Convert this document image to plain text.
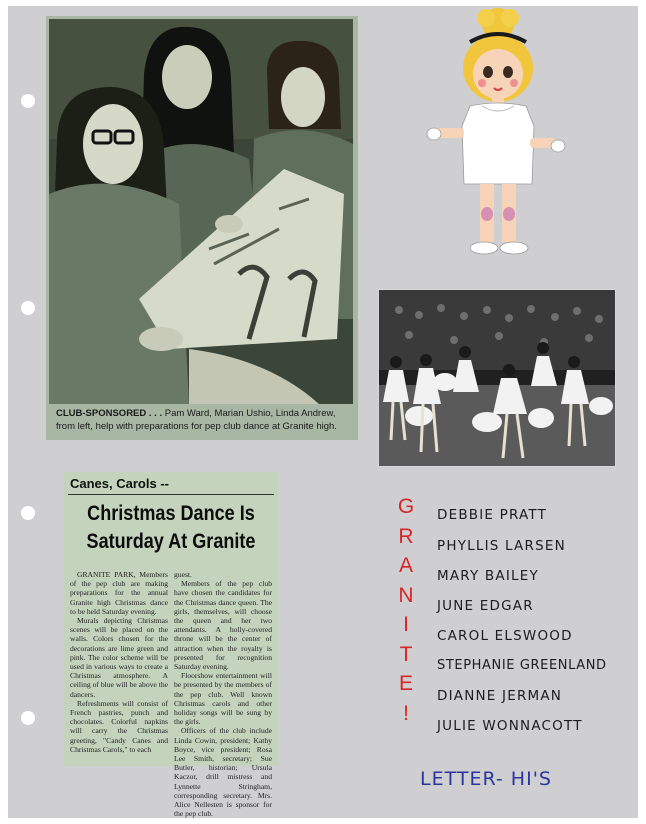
CLUB-SPONSORED . . . Pam Ward, Marian Ushio, Linda Andrew, from left, help with preparations for pep club dance at Granite high.
Canes, Carols --
Christmas Dance Is
Saturday At Granite

GRANITE PARK, Members of the pep club are making preparations for the annual Granite high Christmas dance to be held Saturday evening.

Murals depicting Christmas scenes will be placed on the walls. Colors chosen for the decorations are lime green and pink. The color scheme will be used in various ways to create a Christmas atmosphere. A ceiling of blue will be above the dancers.

Refreshments will consist of French pastries, punch and chocolates. Colorful napkins will carry the Christmas greeting, "Candy Canes and Christmas Carols," to each

guest.

Members of the pep club have chosen the candidates for the Christmas dance queen. The girls, themselves, will choose the queen and her two attendants. A holly-covered throne will be the center of attraction when the royalty is presented for recognition Saturday evening.

Floorshow entertainment will be presented by the members of the pep club. Well known Christmas carols and other holiday songs will be sung by the girls.

Officers of the club include Linda Cowin, president; Kathy Boyce, vice president; Rosa Lee Smith, secretary; Sue Butler, historian; Ursula Kaczor, drill mistress and Lynnette Stringham, corresponding secretary. Mrs. Alice Nellesten is sponsor for the pep club.

G
R
A
N
I
T
E
!
DEBBIE PRATT
PHYLLIS LARSEN
MARY BAILEY
JUNE EDGAR
CAROL ELSWOOD
STEPHANIE GREENLAND
DIANNE JERMAN
JULIE WONNACOTT
LETTER- HI'S
